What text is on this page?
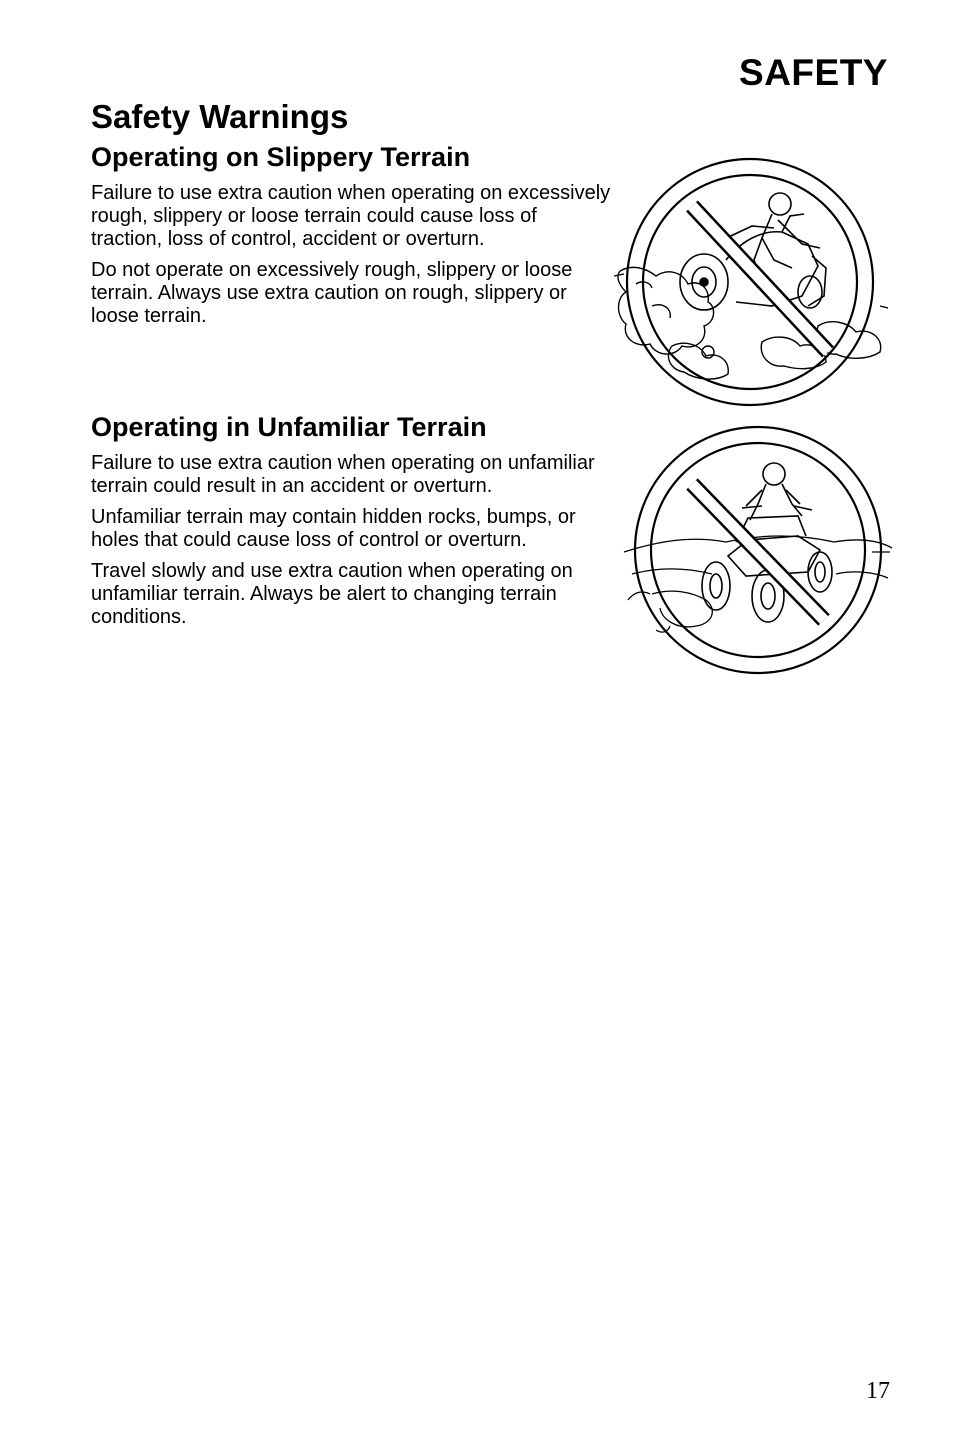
SAFETY
Safety Warnings
Operating on Slippery Terrain

Failure to use extra caution when operating on excessively rough, slippery or loose terrain could cause loss of traction, loss of control, accident or overturn.

Do not operate on excessively rough, slippery or loose terrain. Always use extra caution on rough, slippery or loose terrain.

Operating in Unfamiliar Terrain

Failure to use extra caution when operating on unfamiliar terrain could result in an accident or overturn.

Unfamiliar terrain may contain hidden rocks, bumps, or holes that could cause loss of control or overturn.

Travel slowly and use extra caution when operating on unfamiliar terrain. Always be alert to changing terrain conditions.

17
